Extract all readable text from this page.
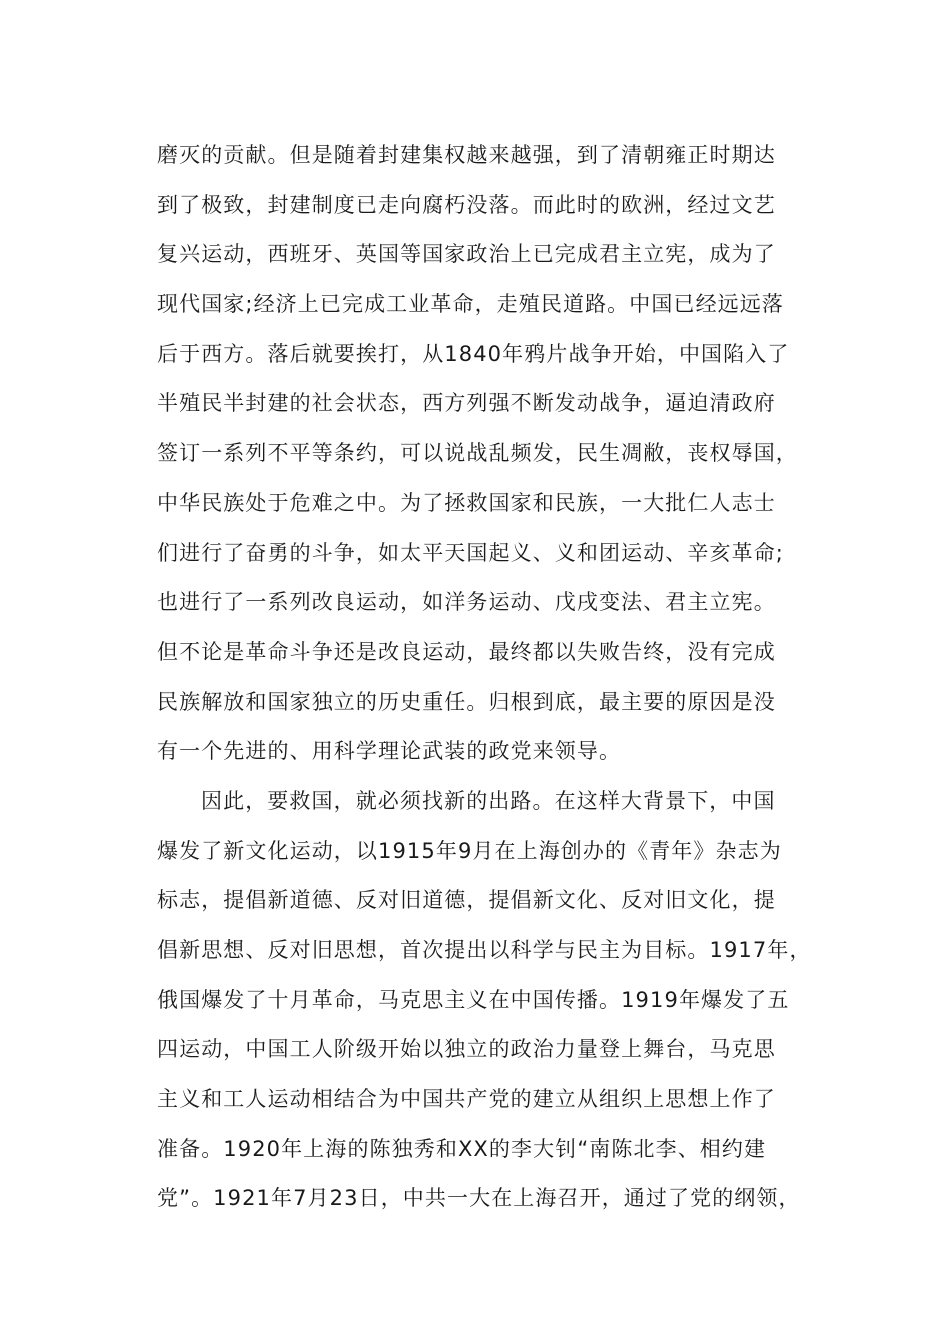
磨灭的贡献。但是随着封建集权越来越强，到了清朝雍正时期达
到了极致，封建制度已走向腐朽没落。而此时的欧洲，经过文艺
复兴运动，西班牙、英国等国家政治上已完成君主立宪，成为了
现代国家;经济上已完成工业革命，走殖民道路。中国已经远远落
后于西方。落后就要挨打，从1840年鸦片战争开始，中国陷入了
半殖民半封建的社会状态，西方列强不断发动战争，逼迫清政府
签订一系列不平等条约，可以说战乱频发，民生凋敝，丧权辱国，
中华民族处于危难之中。为了拯救国家和民族，一大批仁人志士
们进行了奋勇的斗争，如太平天国起义、义和团运动、辛亥革命;
也进行了一系列改良运动，如洋务运动、戊戌变法、君主立宪。
但不论是革命斗争还是改良运动，最终都以失败告终，没有完成
民族解放和国家独立的历史重任。归根到底，最主要的原因是没
有一个先进的、用科学理论武装的政党来领导。
因此，要救国，就必须找新的出路。在这样大背景下，中国
爆发了新文化运动，以1915年9月在上海创办的《青年》杂志为
标志，提倡新道德、反对旧道德，提倡新文化、反对旧文化，提
倡新思想、反对旧思想，首次提出以科学与民主为目标。1917年，
俄国爆发了十月革命，马克思主义在中国传播。1919年爆发了五
四运动，中国工人阶级开始以独立的政治力量登上舞台，马克思
主义和工人运动相结合为中国共产党的建立从组织上思想上作了
准备。1920年上海的陈独秀和XX的李大钊“南陈北李、相约建
党”。1921年7月23日，中共一大在上海召开，通过了党的纲领，
